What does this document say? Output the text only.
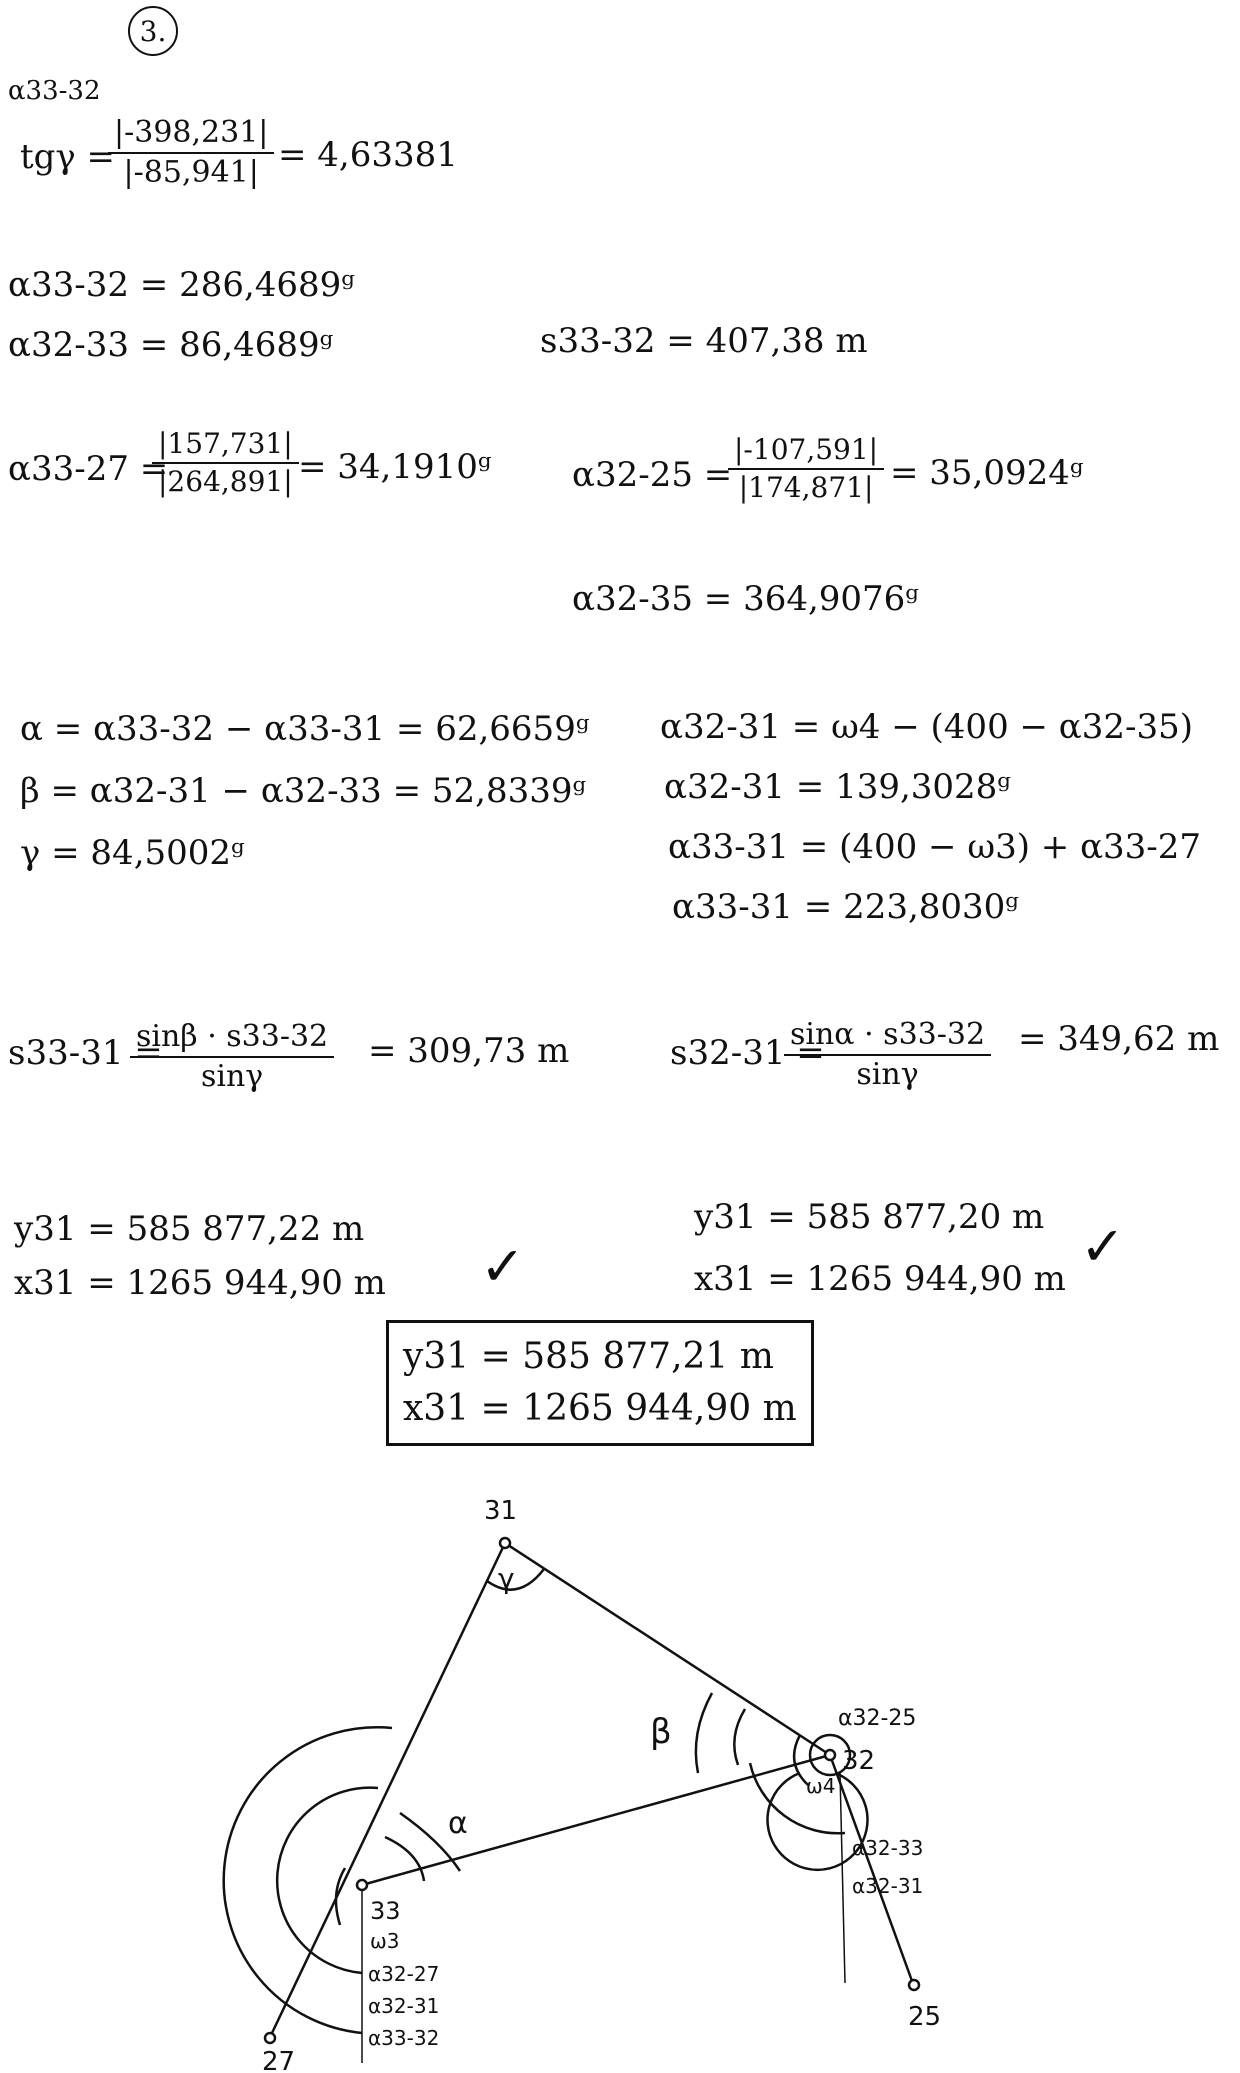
3.
α33-32
tgγ =
$\frac{|-398,231|}{|-85,941|} = 4,63381$
α33-32 = 286,4689ᵍ
α32-33 = 86,4689ᵍ	s33-32 = 407,38 m
α33-27 =
$\frac{|157,731|}{|264,891|}$ = 34,1910ᵍ α32-25 =
$\frac{|-107,591|}{|174,871|}$ = 35,0924ᵍ
α32-35 = 364,9076ᵍ
α = α33-32 − α33-31 = 62,6659ᵍ
β = α32-31 − α32-33 = 52,8339ᵍ
γ = 84,5002ᵍ
α32-31 = ω4 − (400 − α32-35)
α32-31 = 139,3028ᵍ
α33-31 = (400 − ω3) + α33-27
α33-31 = 223,8030ᵍ
s33-31 =
$\frac{\sin\beta \cdot s33-32}{\sin\gamma} = 309,73$ m	s32-31 =
$\frac{\sin\alpha \cdot s33-32}{\sin\gamma} = 349,62$ m
y31 = 585 877,22 m
x31 = 1265 944,90 m ✓
y31 = 585 877,20 m
x31 = 1265 944,90 m
✓
y31 = 585 877,21 m
x31 = 1265 944,90 m
31
32
33
25
27
γ
α
β
ω3
ω4
α32-25
α32-33
α32-31
α32-27
α32-31
α33-32
